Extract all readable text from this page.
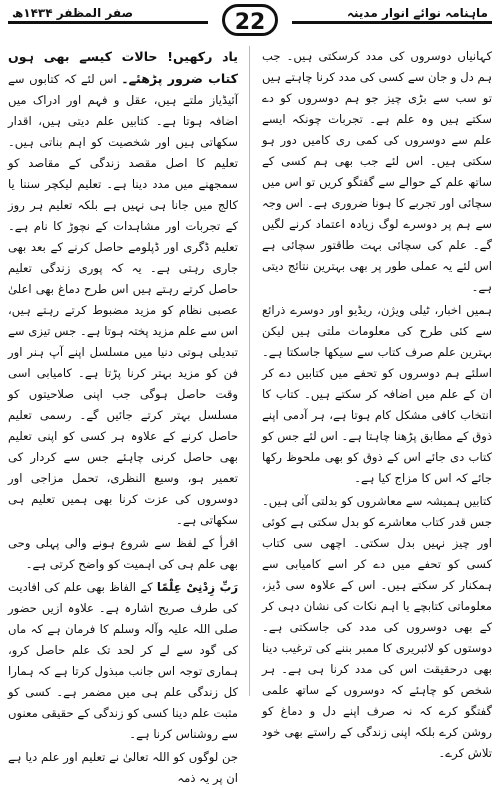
صفر المظفر ۱۴۳۴ھ	ماہنامہ نوائے انوار مدینہ
22

کہانیاں دوسروں کی مدد کرسکتی ہیں۔ جب ہم دل و جان سے کسی کی مدد کرنا چاہتے ہیں تو سب سے بڑی چیز جو ہم دوسروں کو دے سکتے ہیں وہ علم ہے۔ تجربات چونکہ ایسے علم سے دوسروں کی کمی ری کامیں دور ہو سکتی ہیں۔ اس لئے جب بھی ہم کسی کے ساتھ علم کے حوالے سے گفتگو کریں تو اس میں سچائی اور تجربے کا ہونا ضروری ہے۔ اس وجہ سے ہم پر دوسرے لوگ زیادہ اعتماد کرنے لگیں گے۔ علم کی سچائی بہت طاقتور سچائی ہے اس لئے یہ عملی طور پر بھی بہترین نتائج دیتی ہے۔

ہمیں اخبار، ٹیلی ویژن، ریڈیو اور دوسرے ذرائع سے کئی طرح کی معلومات ملتی ہیں لیکن بہترین علم صرف کتاب سے سیکھا جاسکتا ہے۔ اسلئے ہم دوسروں کو تحفے میں کتابیں دے کر ان کے علم میں اضافہ کر سکتے ہیں۔ کتاب کا انتخاب کافی مشکل کام ہوتا ہے، ہر آدمی اپنے ذوق کے مطابق پڑھنا چاہتا ہے۔ اس لئے جس کو کتاب دی جائے اس کے ذوق کو بھی ملحوظ رکھا جائے کہ اس کا مزاج کیا ہے۔

کتابیں ہمیشہ سے معاشروں کو بدلتی آئی ہیں۔ جس قدر کتاب معاشرے کو بدل سکتی ہے کوئی اور چیز نہیں بدل سکتی۔ اچھی سی کتاب کسی کو تحفے میں دے کر اسے کامیابی سے ہمکنار کر سکتے ہیں۔ اس کے علاوہ سی ڈیز، معلوماتی کتابچے یا اہم نکات کی نشان دہی کر کے بھی دوسروں کی مدد کی جاسکتی ہے۔ دوستوں کو لائبریری کا ممبر بننے کی ترغیب دینا بھی درحقیقت اس کی مدد کرنا ہی ہے۔ ہر شخص کو چاہئے کہ دوسروں کے ساتھ علمی گفتگو کرے کہ نہ صرف اپنے دل و دماغ کو روشن کرے بلکہ اپنی زندگی کے راستے بھی خود تلاش کرے۔

یاد رکھیں! حالات کیسے بھی ہوں کتاب ضرور پڑھئے۔ اس لئے کہ کتابوں سے آئیڈیاز ملتے ہیں، عقل و فہم اور ادراک میں اضافہ ہوتا ہے۔ کتابیں علم دیتی ہیں، اقدار سکھاتی ہیں اور شخصیت کو اہم بناتی ہیں۔ تعلیم کا اصل مقصد زندگی کے مقاصد کو سمجھنے میں مدد دینا ہے۔ تعلیم لیکچر سننا یا کالج میں جانا ہی نہیں ہے بلکہ تعلیم ہر روز کے تجربات اور مشاہدات کے نچوڑ کا نام ہے۔ تعلیم ڈگری اور ڈپلومے حاصل کرنے کے بعد بھی جاری رہتی ہے۔ یہ کہ پوری زندگی تعلیم حاصل کرتے رہتے ہیں اس طرح دماغ بھی اعلیٰ عصبی نظام کو مزید مضبوط کرتے رہتے ہیں، اس سے علم مزید پختہ ہوتا ہے۔ جس تیزی سے تبدیلی ہوتی دنیا میں مسلسل اپنے آپ ہنر اور فن کو مزید بہتر کرنا پڑتا ہے۔ کامیابی اسی وقت حاصل ہوگی جب اپنی صلاحیتوں کو مسلسل بہتر کرتے جائیں گے۔ رسمی تعلیم حاصل کرنے کے علاوہ ہر کسی کو اپنی تعلیم بھی حاصل کرنی چاہئے جس سے کردار کی تعمیر ہو، وسیع النظری، تحمل مزاجی اور دوسروں کی عزت کرنا بھی ہمیں تعلیم ہی سکھاتی ہے۔

اقرأ کے لفظ سے شروع ہونے والی پہلی وحی بھی علم ہی کی اہمیت کو واضح کرتی ہے۔

رَبِّ زِدْنِیْ عِلْمًا کے الفاظ بھی علم کی افادیت کی طرف صریح اشارہ ہے۔ علاوہ ازیں حضور صلی اللہ علیہ وآلہ وسلم کا فرمان ہے کہ ماں کی گود سے لے کر لحد تک علم حاصل کرو، ہماری توجہ اس جانب مبذول کرتا ہے کہ ہمارا کل زندگی علم ہی میں مضمر ہے۔ کسی کو مثبت علم دینا کسی کو زندگی کے حقیقی معنوں سے روشناس کرنا ہے۔

جن لوگوں کو اللہ تعالیٰ نے تعلیم اور علم دیا ہے ان پر یہ ذمہ
